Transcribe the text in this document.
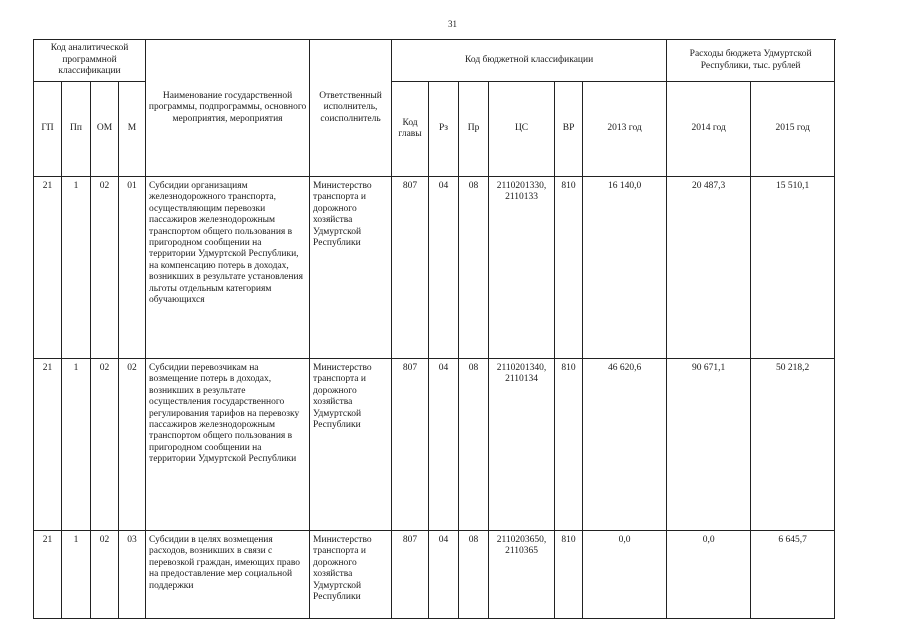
31
Код аналитической программной классификации				Наименование государственной программы, подпрограммы, основного мероприятия, мероприятия	Ответственный исполнитель, соисполнитель	Код бюджетной классификации						Расходы бюджета Удмуртской Республики, тыс. рублей	
ГП	Пп	ОМ	М			Код главы	Рз	Пр	ЦС	ВР	2013 год	2014 год	2015 год
21	1	02	01	Субсидии организациям железнодорожного транспорта, осуществляющим перевозки пассажиров железнодорожным транспортом общего пользования в пригородном сообщении на территории Удмуртской Республики, на компенсацию потерь в доходах, возникших в результате установления льготы отдельным категориям обучающихся	Министерство транспорта и дорожного хозяйства Удмуртской Республики	807	04	08	2110201330, 2110133	810	16 140,0	20 487,3	15 510,1
21	1	02	02	Субсидии перевозчикам на возмещение потерь в доходах, возникших в результате осуществления государственного регулирования тарифов на перевозку пассажиров железнодорожным транспортом общего пользования в пригородном сообщении на территории Удмуртской Республики	Министерство транспорта и дорожного хозяйства Удмуртской Республики	807	04	08	2110201340, 2110134	810	46 620,6	90 671,1	50 218,2
21	1	02	03	Субсидии в целях возмещения расходов, возникших в связи с перевозкой граждан, имеющих право на предоставление мер социальной поддержки	Министерство транспорта и дорожного хозяйства Удмуртской Республики	807	04	08	2110203650, 2110365	810	0,0	0,0	6 645,7
